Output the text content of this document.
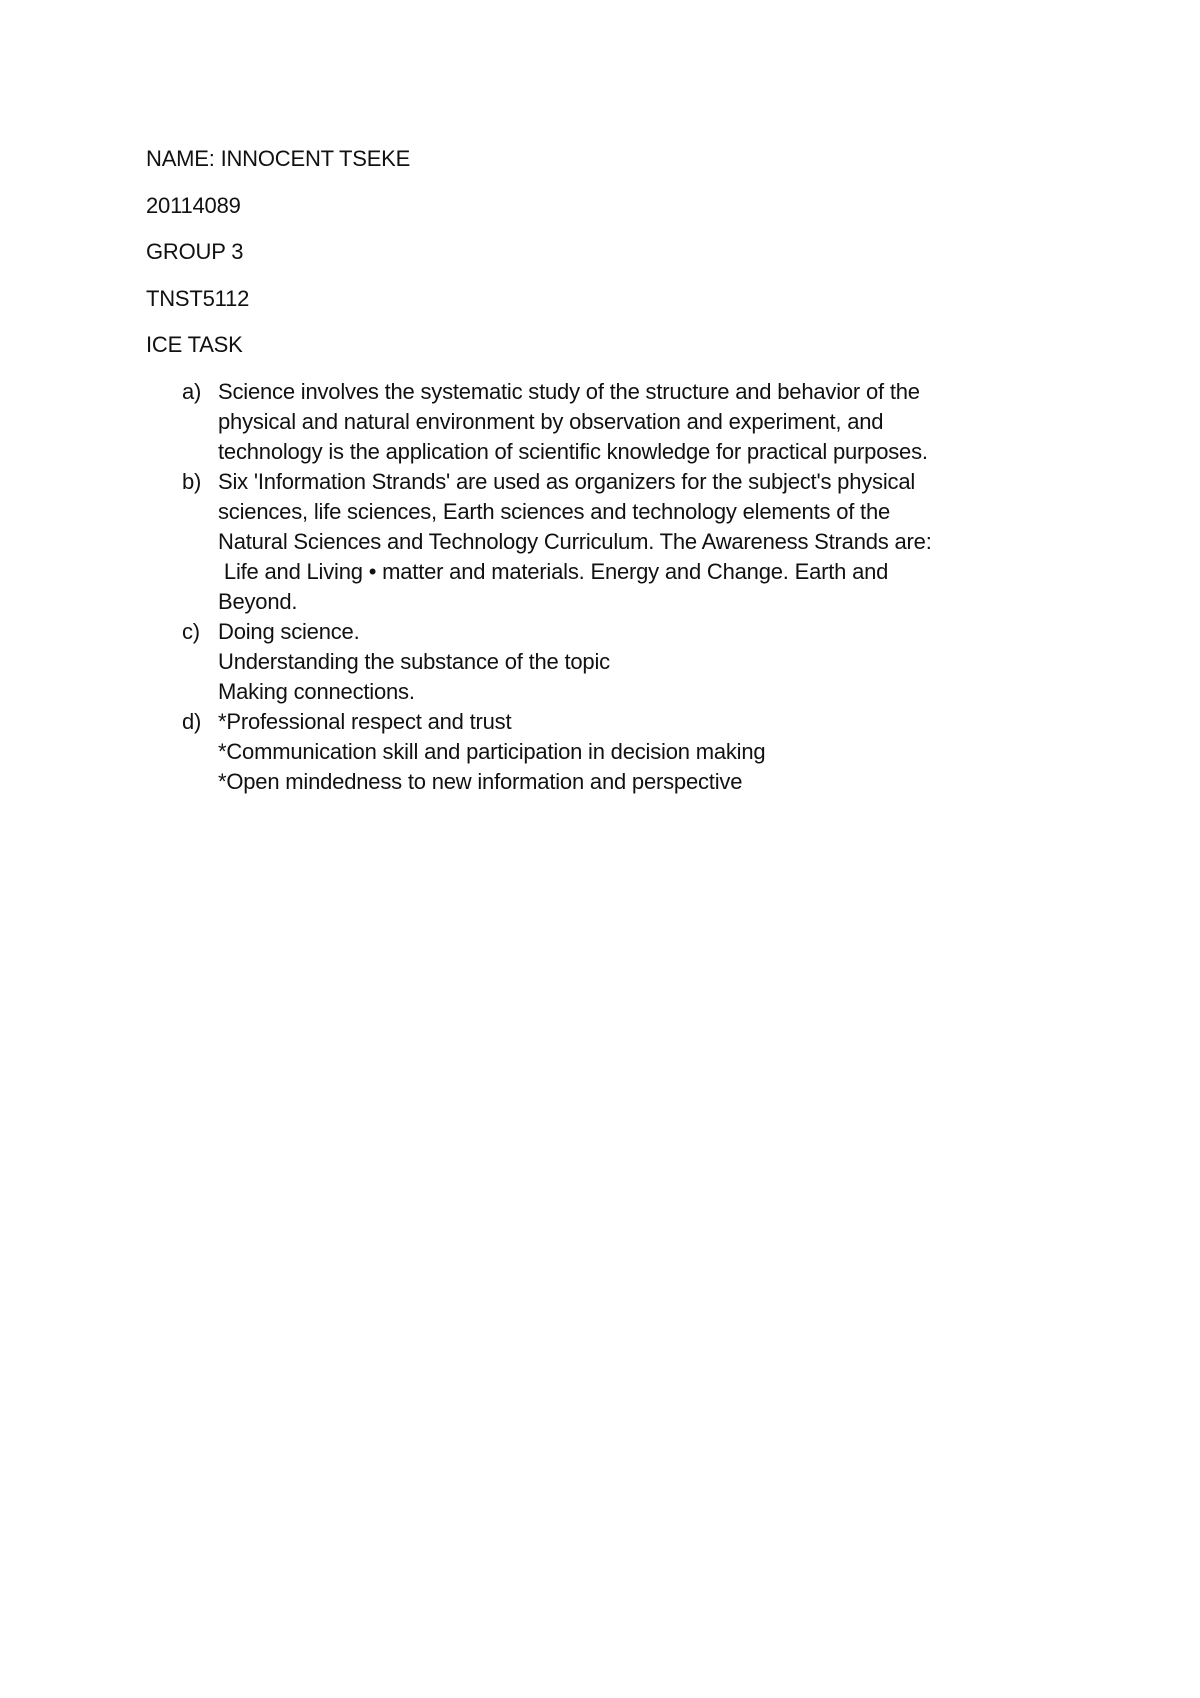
NAME: INNOCENT TSEKE

20114089

GROUP 3

TNST5112

ICE TASK

a) Science involves the systematic study of the structure and behavior of the
physical and natural environment by observation and experiment, and
technology is the application of scientific knowledge for practical purposes.
b) Six 'Information Strands' are used as organizers for the subject's physical
sciences, life sciences, Earth sciences and technology elements of the
Natural Sciences and Technology Curriculum. The Awareness Strands are:
Life and Living • matter and materials. Energy and Change. Earth and
Beyond.
c) Doing science.
Understanding the substance of the topic
Making connections.
d) *Professional respect and trust
*Communication skill and participation in decision making
*Open mindedness to new information and perspective
